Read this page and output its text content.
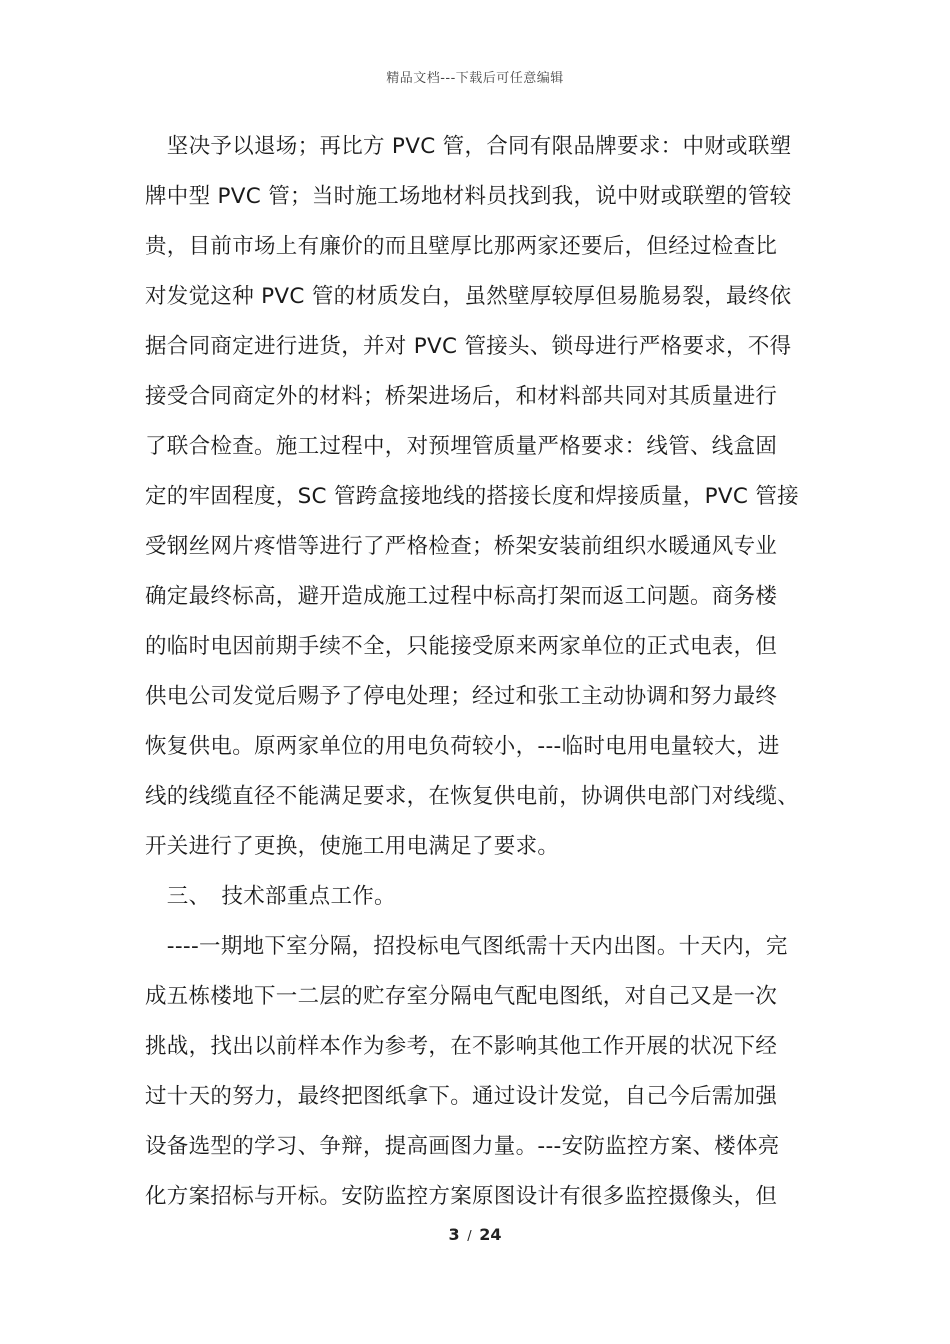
精品文档---下载后可任意编辑
　坚决予以退场；再比方 PVC 管，合同有限品牌要求：中财或联塑
牌中型 PVC 管；当时施工场地材料员找到我，说中财或联塑的管较
贵，目前市场上有廉价的而且壁厚比那两家还要后，但经过检查比
对发觉这种 PVC 管的材质发白，虽然壁厚较厚但易脆易裂，最终依
据合同商定进行进货，并对 PVC 管接头、锁母进行严格要求，不得
接受合同商定外的材料；桥架进场后，和材料部共同对其质量进行
了联合检查。施工过程中，对预埋管质量严格要求：线管、线盒固
定的牢固程度，SC 管跨盒接地线的搭接长度和焊接质量，PVC 管接
受钢丝网片疼惜等进行了严格检查；桥架安装前组织水暖通风专业
确定最终标高，避开造成施工过程中标高打架而返工问题。商务楼
的临时电因前期手续不全，只能接受原来两家单位的正式电表，但
供电公司发觉后赐予了停电处理；经过和张工主动协调和努力最终
恢复供电。原两家单位的用电负荷较小，---临时电用电量较大，进
线的线缆直径不能满足要求，在恢复供电前，协调供电部门对线缆、
开关进行了更换，使施工用电满足了要求。
　三、　技术部重点工作。
　----一期地下室分隔，招投标电气图纸需十天内出图。十天内，完
成五栋楼地下一二层的贮存室分隔电气配电图纸，对自己又是一次
挑战，找出以前样本作为参考，在不影响其他工作开展的状况下经
过十天的努力，最终把图纸拿下。通过设计发觉，自己今后需加强
设备选型的学习、争辩，提高画图力量。---安防监控方案、楼体亮
化方案招标与开标。安防监控方案原图设计有很多监控摄像头，但
3 / 24
